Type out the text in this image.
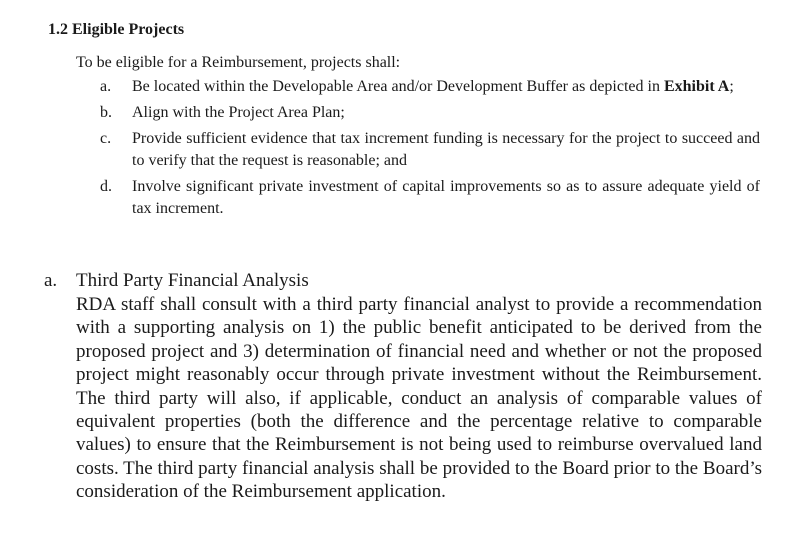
1.2 Eligible Projects

To be eligible for a Reimbursement, projects shall:

a. Be located within the Developable Area and/or Development Buffer as depicted in Exhibit A;
b. Align with the Project Area Plan;
c. Provide sufficient evidence that tax increment funding is necessary for the project to succeed and to verify that the request is reasonable; and
d. Involve significant private investment of capital improvements so as to assure adequate yield of tax increment.

a. Third Party Financial Analysis

RDA staff shall consult with a third party financial analyst to provide a recommendation with a supporting analysis on 1) the public benefit anticipated to be derived from the proposed project and 3) determination of financial need and whether or not the proposed project might reasonably occur through private investment without the Reimbursement. The third party will also, if applicable, conduct an analysis of comparable values of equivalent properties (both the difference and the percentage relative to comparable values) to ensure that the Reimbursement is not being used to reimburse overvalued land costs. The third party financial analysis shall be provided to the Board prior to the Board’s consideration of the Reimbursement application.
